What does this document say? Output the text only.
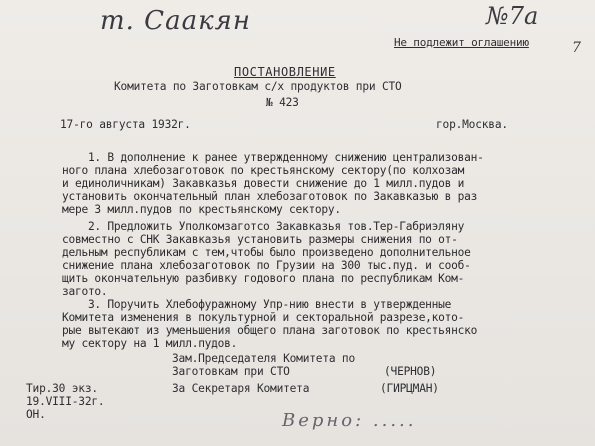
т. Саакян	№7а
Не подлежит оглашению	7
ПОСТАНОВЛЕНИЕ
Комитета по Заготовкам с/х продуктов при СТО
№ 423
17-го августа 1932г.	гор.Москва.
1. В дополнение к ранее утвержденному снижению централизован-
ного плана хлебозаготовок по крестьянскому сектору(по колхозам
и единоличникам) Закавказья довести снижение до 1 милл.пудов и
установить окончательный план хлебозаготовок по Закавказью в раз
мере 3 милл.пудов по крестьянскому сектору.
2. Предложить Уполкомзаготсо Закавказья тов.Тер-Габриэляну
совместно с СНК Закавказья установить размеры снижения по от-
дельным республикам с тем,чтобы было произведено дополнительное
снижение плана хлебозаготовок по Грузии на 300 тыс.пуд. и сооб-
щить окончательную разбивку годового плана по республикам Ком-
загото.
3. Поручить Хлебофуражному Упр-нию внести в утвержденные
Комитета изменения в покультурной и секторальной разрезе,кото-
рые вытекают из уменьшения общего плана заготовок по крестьянско
му сектору на 1 милл.пудов.
Зам.Председателя Комитета по
Заготовкам при СТО	(ЧЕРНОВ)
За Секретаря Комитета	(ГИРЦМАН)
Тир.30 экз.
19.VIII-32г.
ОН.	Верно: .....
